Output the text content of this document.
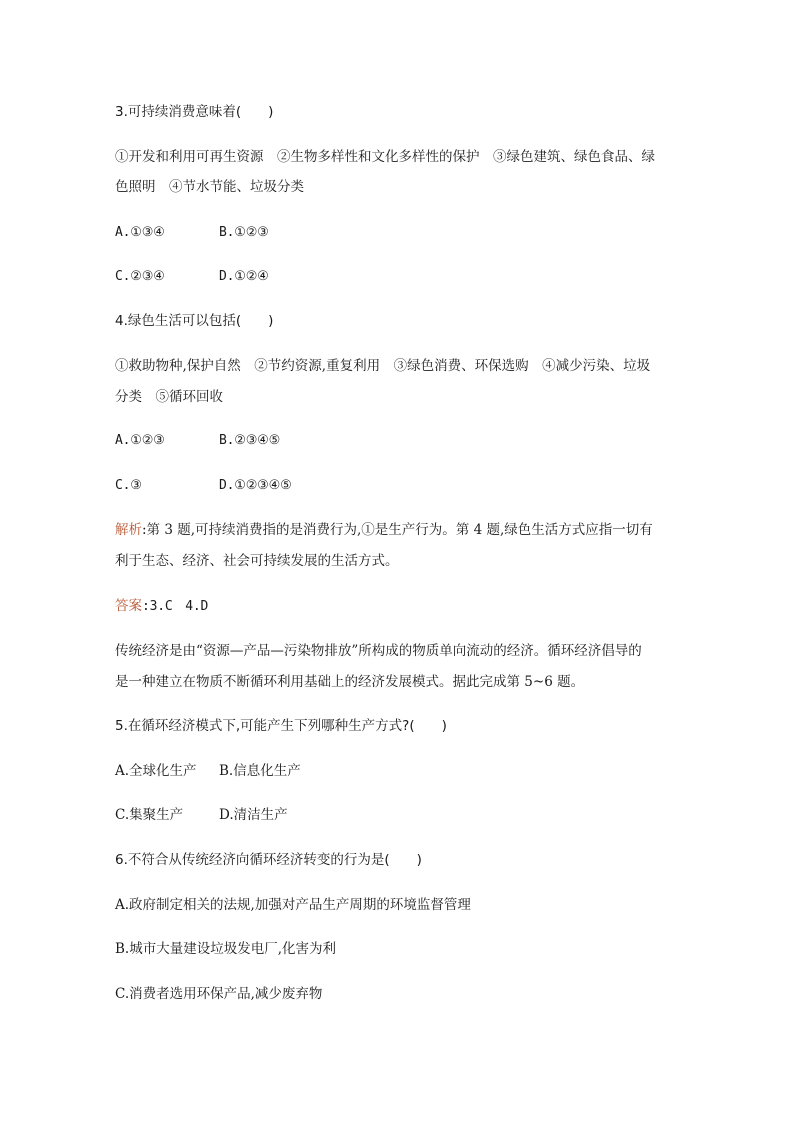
3.可持续消费意味着(　　)
①开发和利用可再生资源　②生物多样性和文化多样性的保护　③绿色建筑、绿色食品、绿
色照明　④节水节能、垃圾分类
A.①③④	B.①②③
C.②③④	D.①②④
4.绿色生活可以包括(　　)
①救助物种,保护自然　②节约资源,重复利用　③绿色消费、环保选购　④减少污染、垃圾
分类　⑤循环回收
A.①②③	B.②③④⑤
C.③	D.①②③④⑤
解析:第 3 题,可持续消费指的是消费行为,①是生产行为。第 4 题,绿色生活方式应指一切有
利于生态、经济、社会可持续发展的生活方式。
答案:3.C　4.D
传统经济是由“资源—产品—污染物排放”所构成的物质单向流动的经济。循环经济倡导的
是一种建立在物质不断循环利用基础上的经济发展模式。据此完成第 5~6 题。
5.在循环经济模式下,可能产生下列哪种生产方式?(　　)
A.全球化生产 B.信息化生产
C.集聚生产	D.清洁生产
6.不符合从传统经济向循环经济转变的行为是(　　)
A.政府制定相关的法规,加强对产品生产周期的环境监督管理
B.城市大量建设垃圾发电厂,化害为利
C.消费者选用环保产品,减少废弃物
